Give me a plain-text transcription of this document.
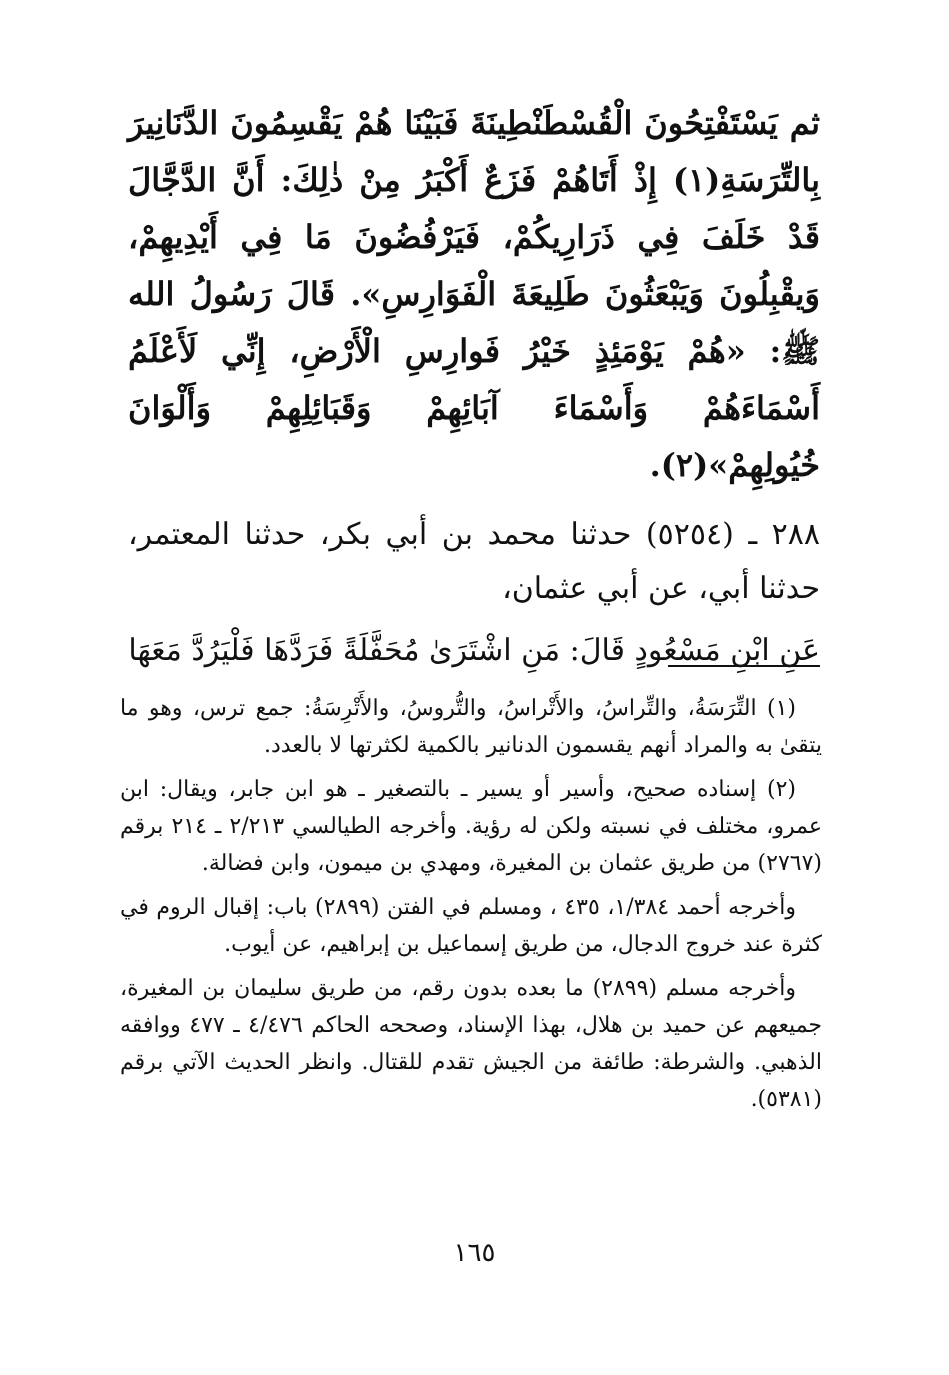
ثم يَسْتَفْتِحُونَ الْقُسْطَنْطِينَةَ فَبَيْنَا هُمْ يَقْسِمُونَ الدَّنَانِيرَ بِالتِّرَسَةِ(١) إِذْ أَتَاهُمْ فَزَعٌ أَكْبَرُ مِنْ ذٰلِكَ: أَنَّ الدَّجَّالَ قَدْ خَلَفَ فِي ذَرَارِيكُمْ، فَيَرْفُضُونَ مَا فِي أَيْدِيهِمْ، وَيقْبِلُونَ وَيَبْعَثُونَ طَلِيعَةَ الْفَوَارِسِ». قَالَ رَسُولُ الله ﷺ: «هُمْ يَوْمَئِذٍ خَيْرُ فَوارِسِ الْأَرْضِ، إِنِّي لَأَعْلَمُ أَسْمَاءَهُمْ وَأَسْمَاءَ آبَائِهِمْ وَقَبَائِلِهِمْ وَأَلْوَانَ خُيُولِهِمْ»(٢).

٢٨٨ ـ (٥٢٥٤) حدثنا محمد بن أبي بكر، حدثنا المعتمر، حدثنا أبي، عن أبي عثمان،

عَنِ ابْنِ مَسْعُودٍ قَالَ: مَنِ اشْتَرَىٰ مُحَفَّلَةً فَرَدَّهَا فَلْيَرُدَّ مَعَهَا

(١) التِّرَسَةُ، والتِّراسُ، والأَتْراسُ، والتُّروسُ، والأَتْرِسَةُ: جمع ترس، وهو ما يتقىٰ به والمراد أنهم يقسمون الدنانير بالكمية لكثرتها لا بالعدد.

(٢) إسناده صحيح، وأسير أو يسير ـ بالتصغير ـ هو ابن جابر، ويقال: ابن عمرو، مختلف في نسبته ولكن له رؤية. وأخرجه الطيالسي ٢/٢١٣ ـ ٢١٤ برقم (٢٧٦٧) من طريق عثمان بن المغيرة، ومهدي بن ميمون، وابن فضالة.

وأخرجه أحمد ١/٣٨٤، ٤٣٥ ، ومسلم في الفتن (٢٨٩٩) باب: إقبال الروم في كثرة عند خروج الدجال، من طريق إسماعيل بن إبراهيم، عن أيوب.

وأخرجه مسلم (٢٨٩٩) ما بعده بدون رقم، من طريق سليمان بن المغيرة، جميعهم عن حميد بن هلال، بهذا الإسناد، وصححه الحاكم ٤/٤٧٦ ـ ٤٧٧ ووافقه الذهبي. والشرطة: طائفة من الجيش تقدم للقتال. وانظر الحديث الآتي برقم (٥٣٨١).

١٦٥
